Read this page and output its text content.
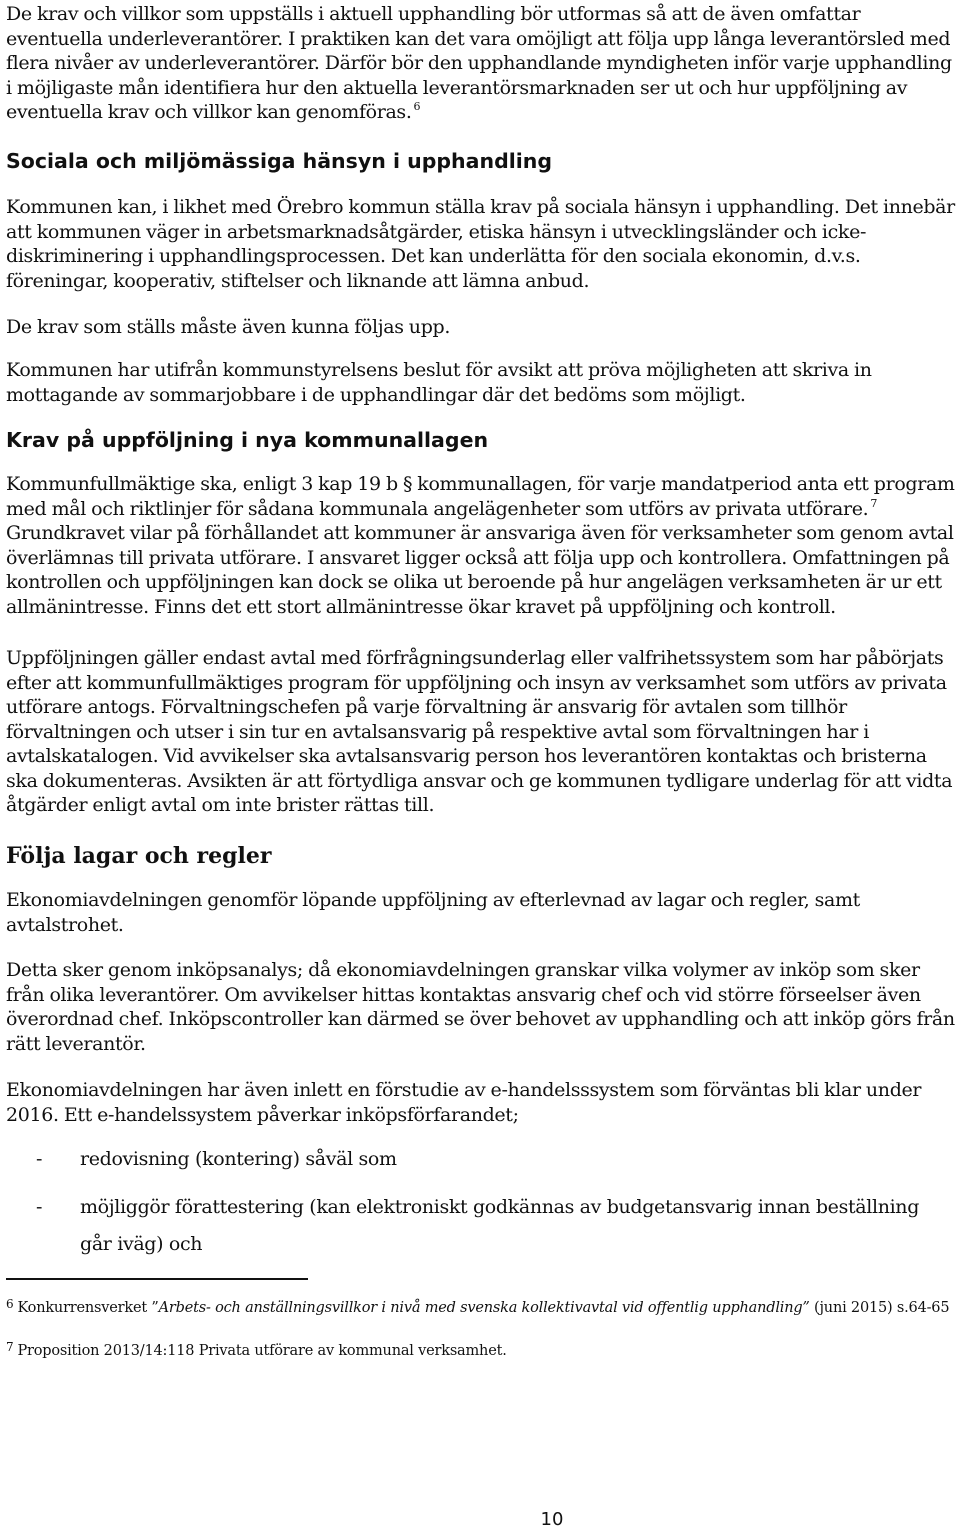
De krav och villkor som uppställs i aktuell upphandling bör utformas så att de även omfattar eventuella underleverantörer. I praktiken kan det vara omöjligt att följa upp långa leverantörsled med flera nivåer av underleverantörer. Därför bör den upphandlande myndigheten inför varje upphandling i möjligaste mån identifiera hur den aktuella leverantörsmarknaden ser ut och hur uppföljning av eventuella krav och villkor kan genomföras. $^6$

Sociala och miljömässiga hänsyn i upphandling

Kommunen kan, i likhet med Örebro kommun ställa krav på sociala hänsyn i upphandling. Det innebär att kommunen väger in arbetsmarknadsåtgärder, etiska hänsyn i utvecklingsländer och icke-diskriminering i upphandlingsprocessen. Det kan underlätta för den sociala ekonomin, d.v.s. föreningar, kooperativ, stiftelser och liknande att lämna anbud.

De krav som ställs måste även kunna följas upp.

Kommunen har utifrån kommunstyrelsens beslut för avsikt att pröva möjligheten att skriva in mottagande av sommarjobbare i de upphandlingar där det bedöms som möjligt.

Krav på uppföljning i nya kommunallagen

Kommunfullmäktige ska, enligt 3 kap 19 b § kommunallagen, för varje mandatperiod anta ett program med mål och riktlinjer för sådana kommunala angelägenheter som utförs av privata utförare. $^7$ Grundkravet vilar på förhållandet att kommuner är ansvariga även för verksamheter som genom avtal överlämnas till privata utförare. I ansvaret ligger också att följa upp och kontrollera. Omfattningen på kontrollen och uppföljningen kan dock se olika ut beroende på hur angelägen verksamheten är ur ett allmänintresse. Finns det ett stort allmänintresse ökar kravet på uppföljning och kontroll.

Uppföljningen gäller endast avtal med förfrågningsunderlag eller valfrihetssystem som har påbörjats efter att kommunfullmäktiges program för uppföljning och insyn av verksamhet som utförs av privata utförare antogs. Förvaltningschefen på varje förvaltning är ansvarig för avtalen som tillhör förvaltningen och utser i sin tur en avtalsansvarig på respektive avtal som förvaltningen har i avtalskatalogen. Vid avvikelser ska avtalsansvarig person hos leverantören kontaktas och bristerna ska dokumenteras. Avsikten är att förtydliga ansvar och ge kommunen tydligare underlag för att vidta åtgärder enligt avtal om inte brister rättas till.

Följa lagar och regler

Ekonomiavdelningen genomför löpande uppföljning av efterlevnad av lagar och regler, samt avtalstrohet.

Detta sker genom inköpsanalys; då ekonomiavdelningen granskar vilka volymer av inköp som sker från olika leverantörer. Om avvikelser hittas kontaktas ansvarig chef och vid större förseelser även överordnad chef. Inköpscontroller kan därmed se över behovet av upphandling och att inköp görs från rätt leverantör.

Ekonomiavdelningen har även inlett en förstudie av e-handelsssystem som förväntas bli klar under 2016. Ett e-handelssystem påverkar inköpsförfarandet;

- redovisning (kontering) såväl som
- möjliggör förattestering (kan elektroniskt godkännas av budgetansvarig innan beställning går iväg) och

$^6$ Konkurrensverket ”Arbets- och anställningsvillkor i nivå med svenska kollektivavtal vid offentlig upphandling” (juni 2015) s.64-65

$^7$ Proposition 2013/14:118 Privata utförare av kommunal verksamhet.

10
